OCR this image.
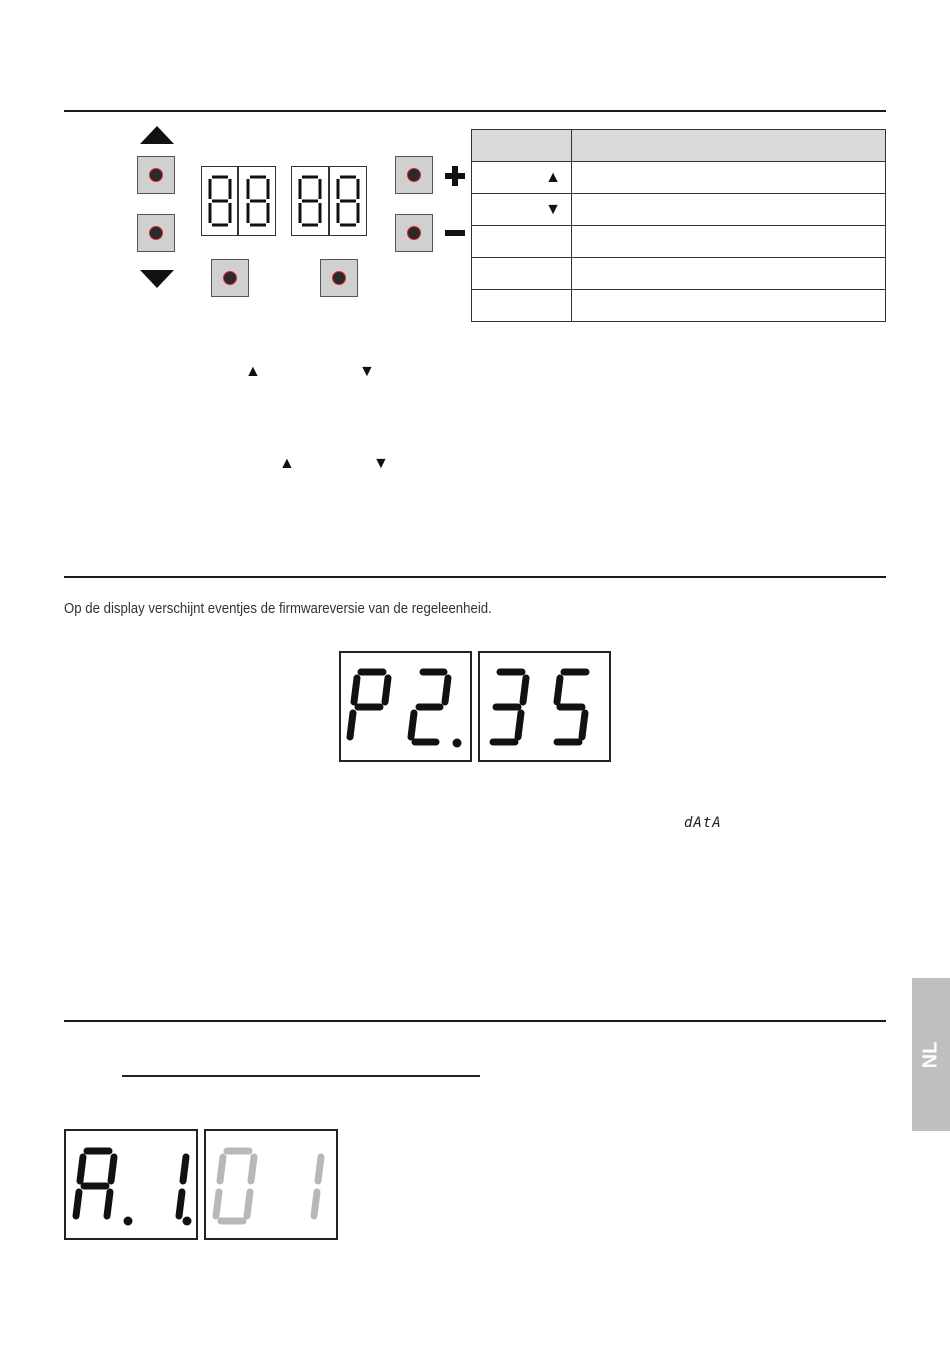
▲	
▼	

▲	▼
▲	▼
Op de display verschijnt eventjes de firmwareversie van de regeleenheid.
dAtA
NL
